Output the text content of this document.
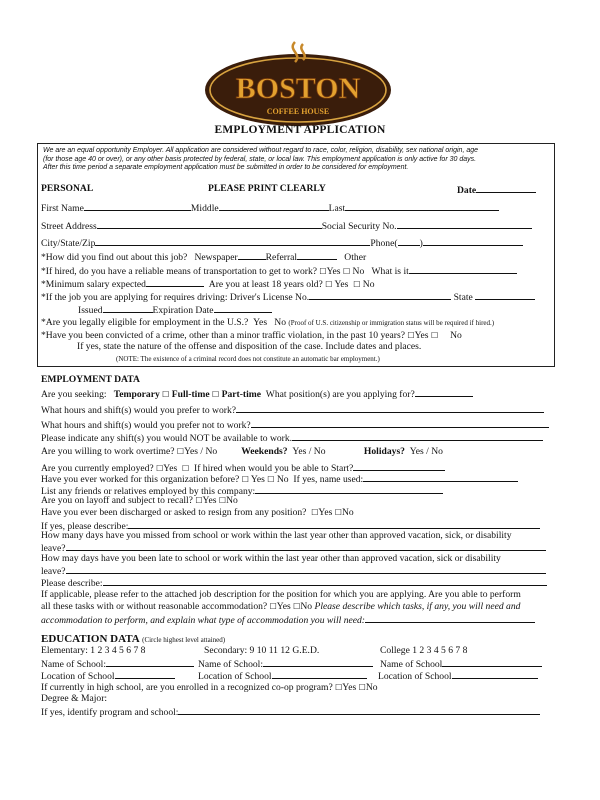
BOSTON
COFFEE HOUSE
EMPLOYMENT APPLICATION
We are an equal opportunity Employer. All application are considered without regard to race, color, religion, disability, sex national origin, age
(for those age 40 or over), or any other basis protected by federal, state, or local law. This employment application is only active for 30 days.
After this time period a separate employment application must be submitted in order to be considered for employment.
PERSONAL	PLEASE PRINT CLEARLY	Date
First Name	Middle	Last
Street Address	Social Security No.
City/State/Zip	Phone( )
*How did you find out about this job? Newspaper	Referral	Other
*If hired, do you have a reliable means of transportation to get to work? ☐Yes ☐ No What is it
*Minimum salary expected	Are you at least 18 years old? ☐ Yes ☐ No
*If the job you are applying for requires driving: Driver's License No.	State
Issued	Expiration Date
*Are you legally eligible for employment in the U.S.? Yes No (Proof of U.S. citizenship or immigration status will be required if hired.)
*Have you been convicted of a crime, other than a minor traffic violation, in the past 10 years? ☐Yes ☐ No
If yes, state the nature of the offense and disposition of the case. Include dates and places.
(NOTE: The existence of a criminal record does not constitute an automatic bar employment.)
EMPLOYMENT DATA
Are you seeking: Temporary ☐ Full-time ☐ Part-time What position(s) are you applying for?
What hours and shift(s) would you prefer to work?
What hours and shift(s) would you prefer not to work?
Please indicate any shift(s) you would NOT be available to work.
Are you willing to work overtime? ☐Yes / No Weekends? Yes / No	Holidays? Yes / No
Are you currently employed? ☐Yes ☐ If hired when would you be able to Start?
Have you ever worked for this organization before? ☐ Yes ☐ No If yes, name used:
List any friends or relatives employed by this company:
Are you on layoff and subject to recall? ☐Yes ☐No
Have you ever been discharged or asked to resign from any position? ☐Yes ☐No
If yes, please describe:
How many days have you missed from school or work within the last year other than approved vacation, sick, or disability
leave?
How may days have you been late to school or work within the last year other than approved vacation, sick or disability
leave?
Please describe:
If applicable, please refer to the attached job description for the position for which you are applying. Are you able to perform
all these tasks with or without reasonable accommodation? ☐Yes ☐No Please describe which tasks, if any, you will need and
accommodation to perform, and explain what type of accommodation you will need:
EDUCATION DATA (Circle highest level attained)
Elementary: 1 2 3 4 5 6 7 8	Secondary: 9 10 11 12 G.E.D.	College 1 2 3 4 5 6 7 8
Name of School:	Name of School:	Name of School
Location of School	Location of School	Location of School
If currently in high school, are you enrolled in a recognized co-op program? ☐Yes ☐No
Degree & Major:
If yes, identify program and school:
